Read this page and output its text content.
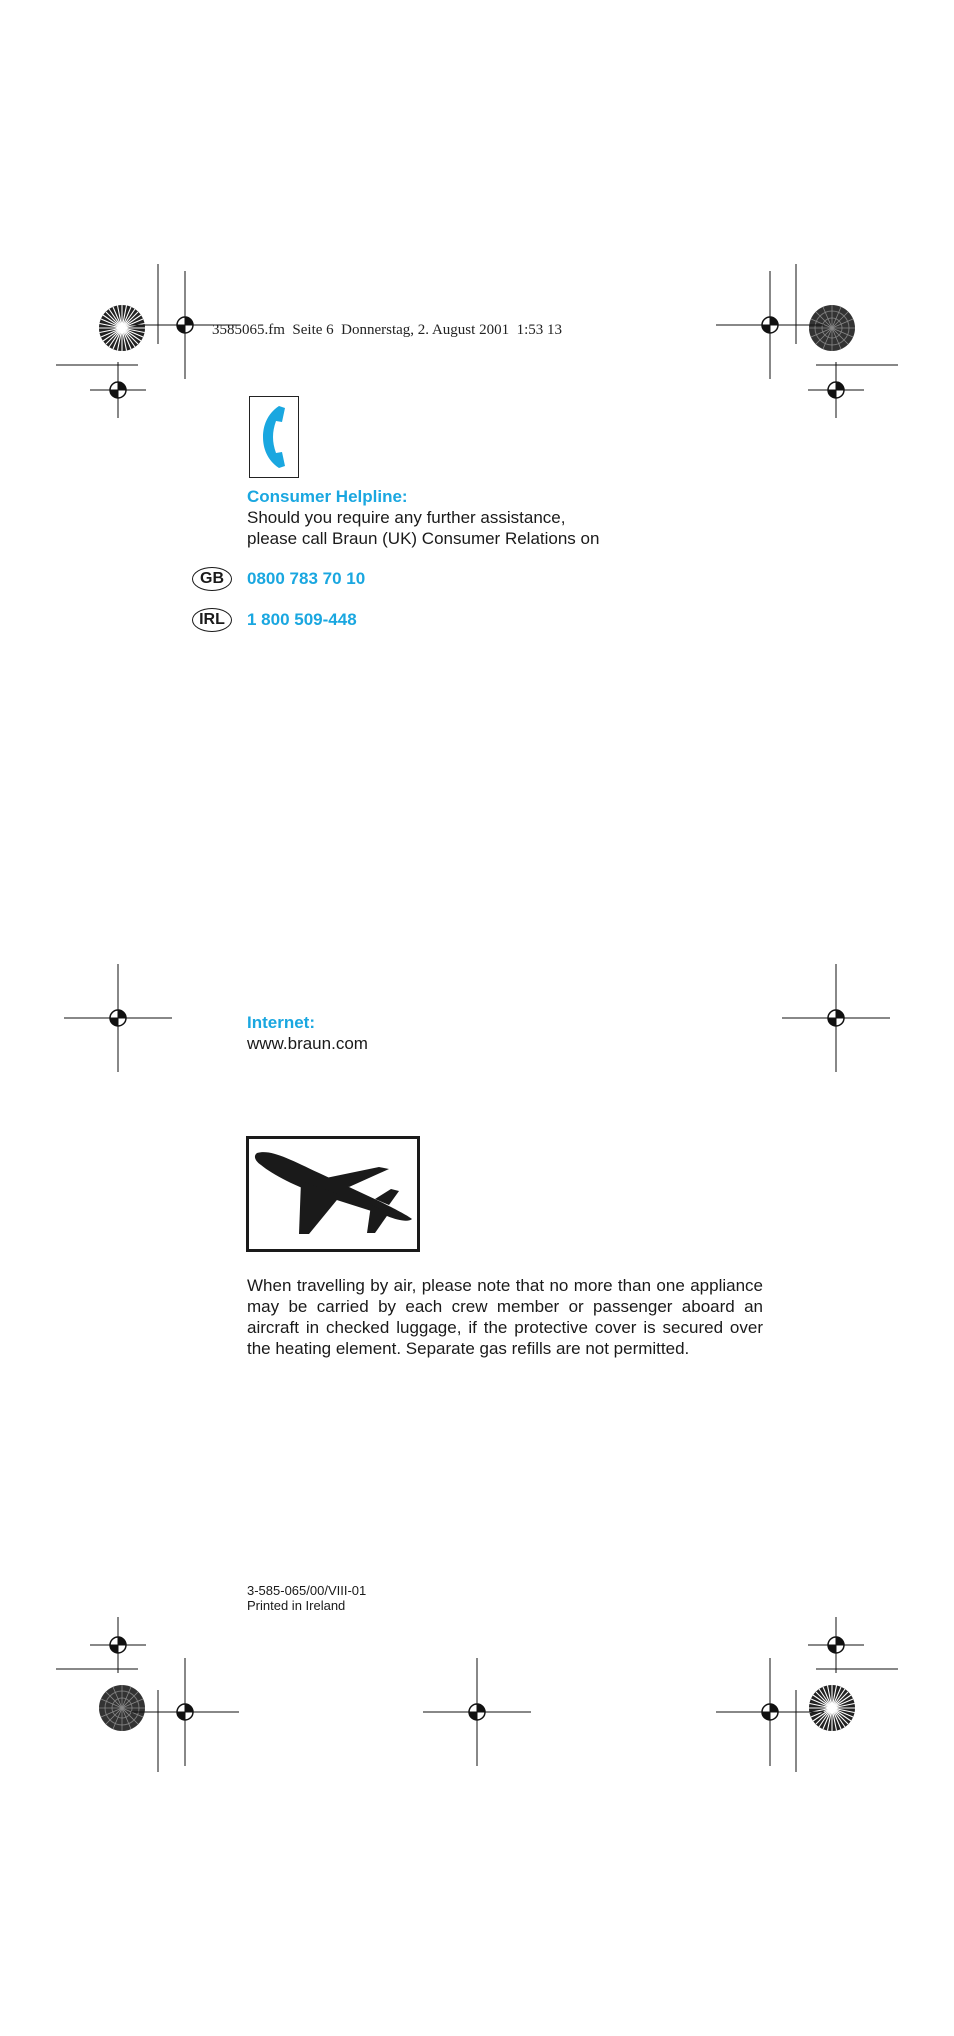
3585065.fm  Seite 6  Donnerstag, 2. August 2001  1:53 13
Consumer Helpline:
Should you require any further assistance,
please call Braun (UK) Consumer Relations on
GB	0800 783 70 10
IRL	1 800 509-448
Internet:
www.braun.com
When travelling by air, please note that no more than one appliance may be carried by each crew member or passenger aboard an aircraft in checked luggage, if the protective cover is secured over the heating element. Separate gas refills are not permitted.
3-585-065/00/VIII-01
Printed in Ireland
